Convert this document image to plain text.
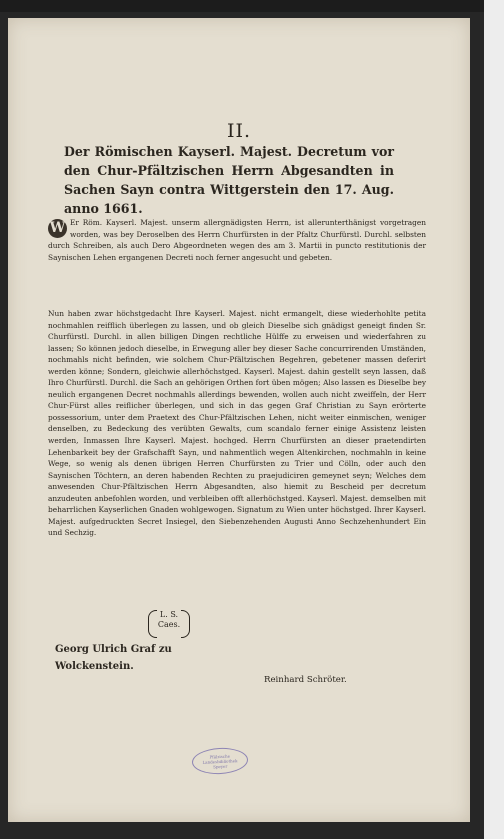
II.
Der Römischen Kayserl. Majest. Decretum vor den Chur-Pfältzischen Herrn Abgesandten in Sachen Sayn contra Wittgerstein den 17. Aug. anno 1661.
W Er Röm. Kayserl. Majest. unserm allergnädigsten Herrn, ist allerunterthänigst vorgetragen worden, was bey Deroselben des Herrn Churfürsten in der Pfaltz Churfürstl. Durchl. selbsten durch Schreiben, als auch Dero Abgeordneten wegen des am 3. Martii in puncto restitutionis der Saynischen Lehen ergangenen Decreti noch ferner angesucht und gebeten.
Nun haben zwar höchstgedacht Ihre Kayserl. Majest. nicht ermangelt, diese wiederhohlte petita nochmahlen reifflich überlegen zu lassen, und ob gleich Dieselbe sich gnädigst geneigt finden Sr. Churfürstl. Durchl. in allen billigen Dingen rechtliche Hülffe zu erweisen und wiederfahren zu lassen; So können jedoch dieselbe, in Erwegung aller bey dieser Sache concurrirenden Umständen, nochmahls nicht befinden, wie solchem Chur-Pfältzischen Begehren, gebetener massen deferirt werden könne; Sondern, gleichwie allerhöchstged. Kayserl. Majest. dahin gestellt seyn lassen, daß Ihro Churfürstl. Durchl. die Sach an gehörigen Orthen fort üben mögen; Also lassen es Dieselbe bey neulich ergangenen Decret nochmahls allerdings bewenden, wollen auch nicht zweiffeln, der Herr Chur-Fürst alles reiflicher überlegen, und sich in das gegen Graf Christian zu Sayn erörterte possessorium, unter dem Praetext des Chur-Pfältzischen Lehen, nicht weiter einmischen, weniger denselben, zu Bedeckung des verübten Gewalts, cum scandalo ferner einige Assistenz leisten werden, Inmassen Ihre Kayserl. Majest. hochged. Herrn Churfürsten an dieser praetendirten Lehenbarkeit bey der Grafschafft Sayn, und nahmentlich wegen Altenkirchen, nochmahln in keine Wege, so wenig als denen übrigen Herren Churfürsten zu Trier und Cölln, oder auch den Saynischen Töchtern, an deren habenden Rechten zu praejudiciren gemeynet seyn; Welches dem anwesenden Chur-Pfältzischen Herrn Abgesandten, also hiemit zu Bescheid per decretum anzudeuten anbefohlen worden, und verbleiben offt allerhöchstged. Kayserl. Majest. demselben mit beharrlichen Kayserlichen Gnaden wohlgewogen. Signatum zu Wien unter höchstged. Ihrer Kayserl. Majest. aufgedruckten Secret Insiegel, den Siebenzehenden Augusti Anno Sechzehenhundert Ein und Sechzig.
L. S.
Caes.
Georg Ulrich Graf zu
Wolckenstein.
Reinhard Schröter.
Pfälzische
Landesbibliothek
Speyer
